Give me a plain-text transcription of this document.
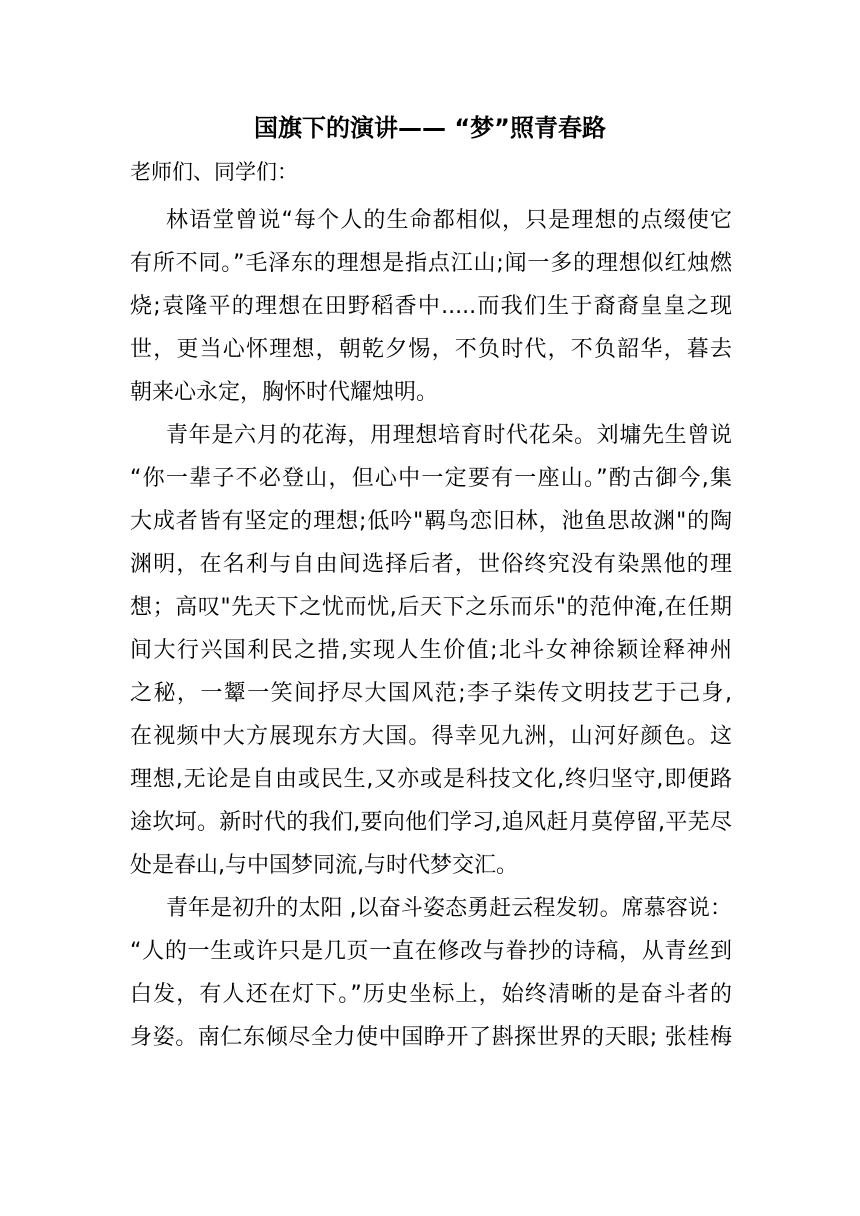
国旗下的演讲—— “梦”照青春路
老师们、同学们：
林语堂曾说“每个人的生命都相似，只是理想的点缀使它
有所不同。”毛泽东的理想是指点江山;闻一多的理想似红烛燃
烧;袁隆平的理想在田野稻香中.....而我们生于裔裔皇皇之现
世，更当心怀理想，朝乾夕惕，不负时代，不负韶华，暮去
朝来心永定，胸怀时代耀烛明。
青年是六月的花海，用理想培育时代花朵。刘墉先生曾说
“你一辈子不必登山，但心中一定要有一座山。”酌古御今,集
大成者皆有坚定的理想;低吟"羁鸟恋旧林，池鱼思故渊"的陶
渊明，在名利与自由间选择后者，世俗终究没有染黑他的理
想；高叹"先天下之忧而忧,后天下之乐而乐"的范仲淹,在任期
间大行兴国利民之措,实现人生价值;北斗女神徐颖诠释神州
之秘，一颦一笑间抒尽大国风范;李子柒传文明技艺于己身,
在视频中大方展现东方大国。得幸见九洲，山河好颜色。这
理想,无论是自由或民生,又亦或是科技文化,终归坚守,即便路
途坎坷。新时代的我们,要向他们学习,追风赶月莫停留,平芜尽
处是春山,与中国梦同流,与时代梦交汇。
青年是初升的太阳 ,以奋斗姿态勇赶云程发轫。席慕容说：
“人的一生或许只是几页一直在修改与眷抄的诗稿，从青丝到
白发，有人还在灯下。”历史坐标上，始终清晰的是奋斗者的
身姿。南仁东倾尽全力使中国睁开了斟探世界的天眼; 张桂梅
